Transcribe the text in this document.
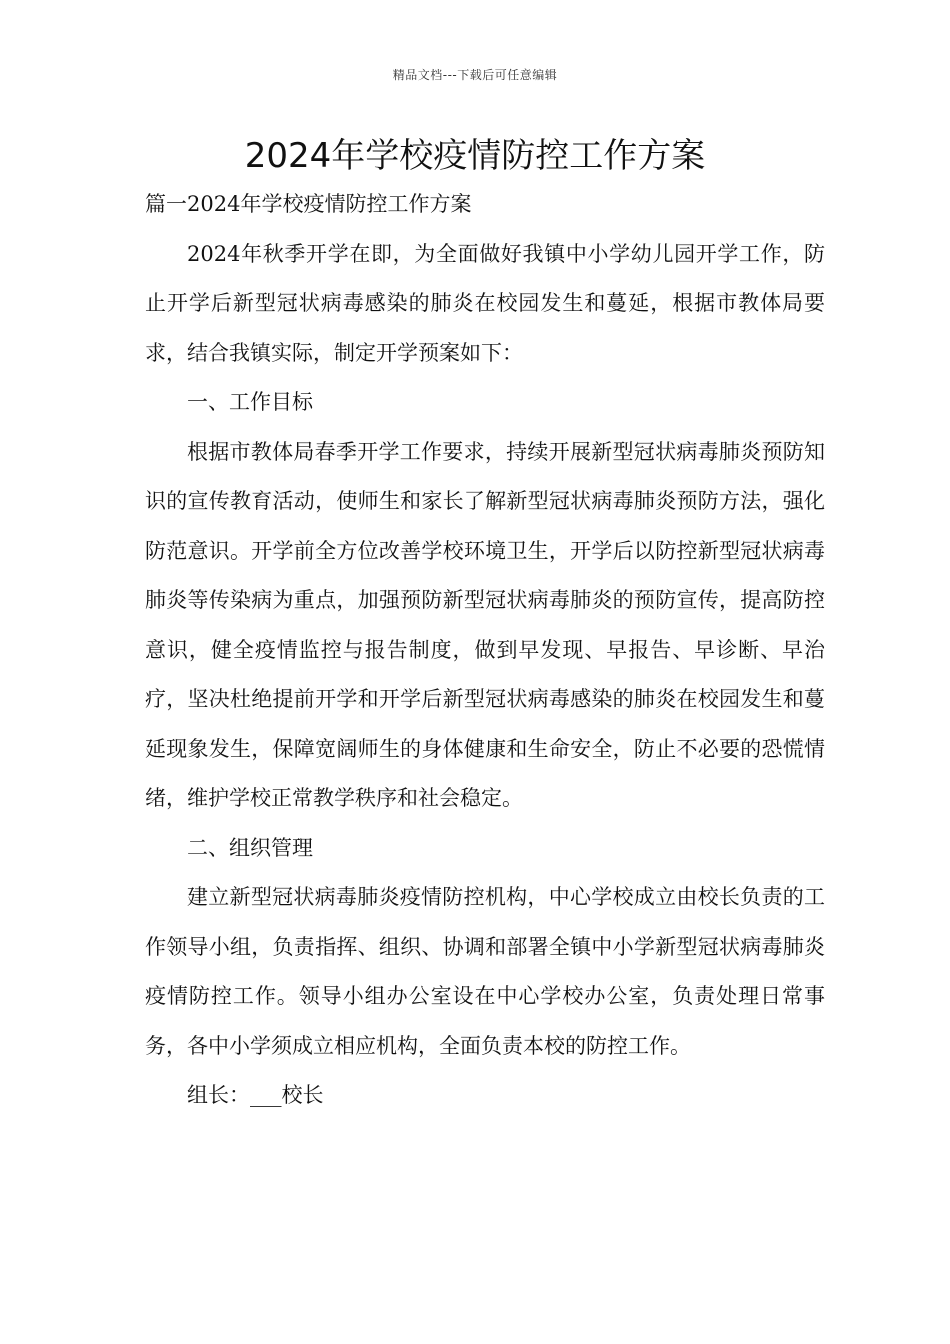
精品文档---下载后可任意编辑
2024年学校疫情防控工作方案

篇一2024年学校疫情防控工作方案

2024年秋季开学在即，为全面做好我镇中小学幼儿园开学工作，防止开学后新型冠状病毒感染的肺炎在校园发生和蔓延，根据市教体局要求，结合我镇实际，制定开学预案如下：

一、工作目标

根据市教体局春季开学工作要求，持续开展新型冠状病毒肺炎预防知识的宣传教育活动，使师生和家长了解新型冠状病毒肺炎预防方法，强化防范意识。开学前全方位改善学校环境卫生，开学后以防控新型冠状病毒肺炎等传染病为重点，加强预防新型冠状病毒肺炎的预防宣传，提高防控意识，健全疫情监控与报告制度，做到早发现、早报告、早诊断、早治疗，坚决杜绝提前开学和开学后新型冠状病毒感染的肺炎在校园发生和蔓延现象发生，保障宽阔师生的身体健康和生命安全，防止不必要的恐慌情绪，维护学校正常教学秩序和社会稳定。

二、组织管理

建立新型冠状病毒肺炎疫情防控机构，中心学校成立由校长负责的工作领导小组，负责指挥、组织、协调和部署全镇中小学新型冠状病毒肺炎疫情防控工作。领导小组办公室设在中心学校办公室，负责处理日常事务，各中小学须成立相应机构，全面负责本校的防控工作。

组长：___校长
